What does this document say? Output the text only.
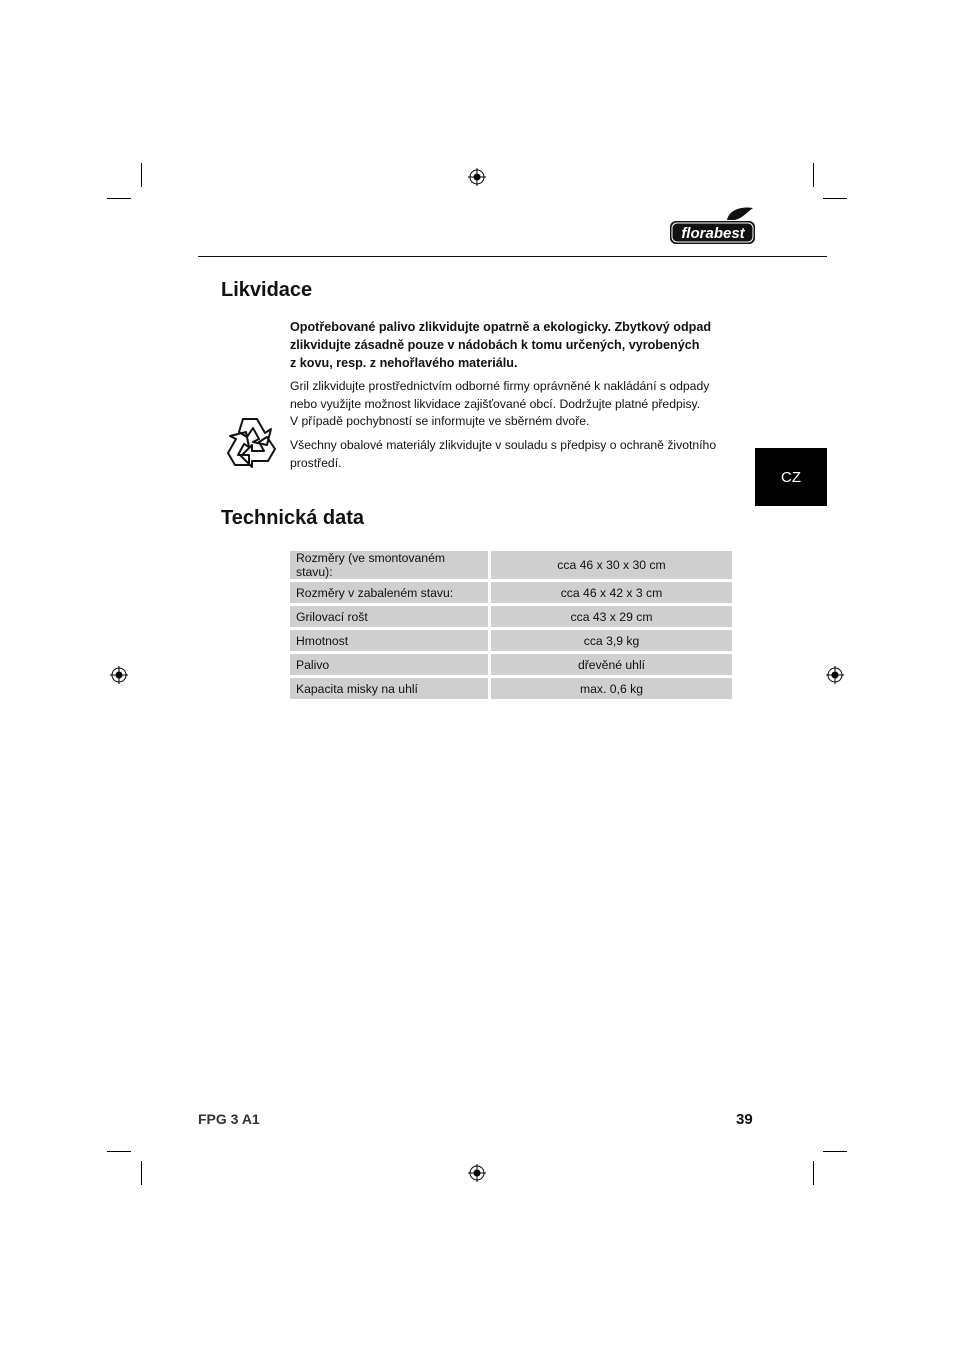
florabest
Likvidace

Opotřebované palivo zlikvidujte opatrně a ekologicky. Zbytkový odpad
zlikvidujte zásadně pouze v nádobách k tomu určených, vyrobených
z kovu, resp. z nehořlavého materiálu.

Gril zlikvidujte prostřednictvím odborné firmy oprávněné k nakládání s odpady
nebo využijte možnost likvidace zajišťované obcí. Dodržujte platné předpisy.
V případě pochybností se informujte ve sběrném dvoře.

Všechny obalové materiály zlikvidujte v souladu s předpisy o ochraně životního
prostředí.

CZ
Technická data
Rozměry (ve smontovaném stavu):	cca 46 x 30 x 30 cm
Rozměry v zabaleném stavu:	cca 46 x 42 x 3 cm
Grilovací rošt	cca 43 x 29 cm
Hmotnost	cca 3,9 kg
Palivo	dřevěné uhlí
Kapacita misky na uhlí	max. 0,6 kg
FPG 3 A1	39
